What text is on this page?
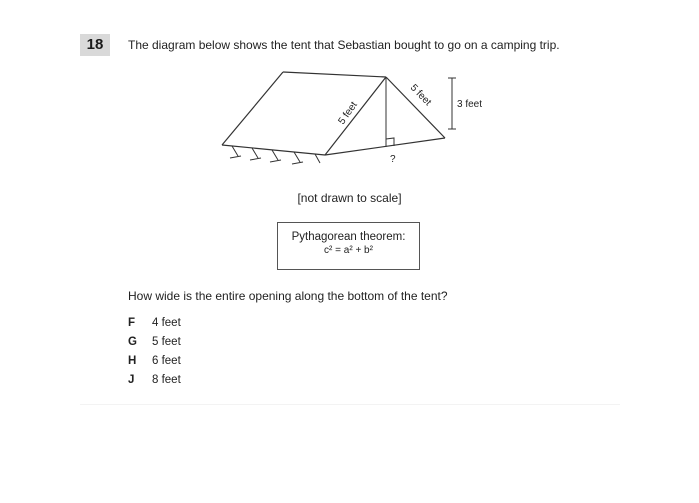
18	The diagram below shows the tent that Sebastian bought to go on a camping trip.
5 feet
5 feet 3 feet
?
[not drawn to scale]
Pythagorean theorem:
c² = a² + b²
How wide is the entire opening along the bottom of the tent?
F	4 feet
G	5 feet
H	6 feet
J	8 feet
